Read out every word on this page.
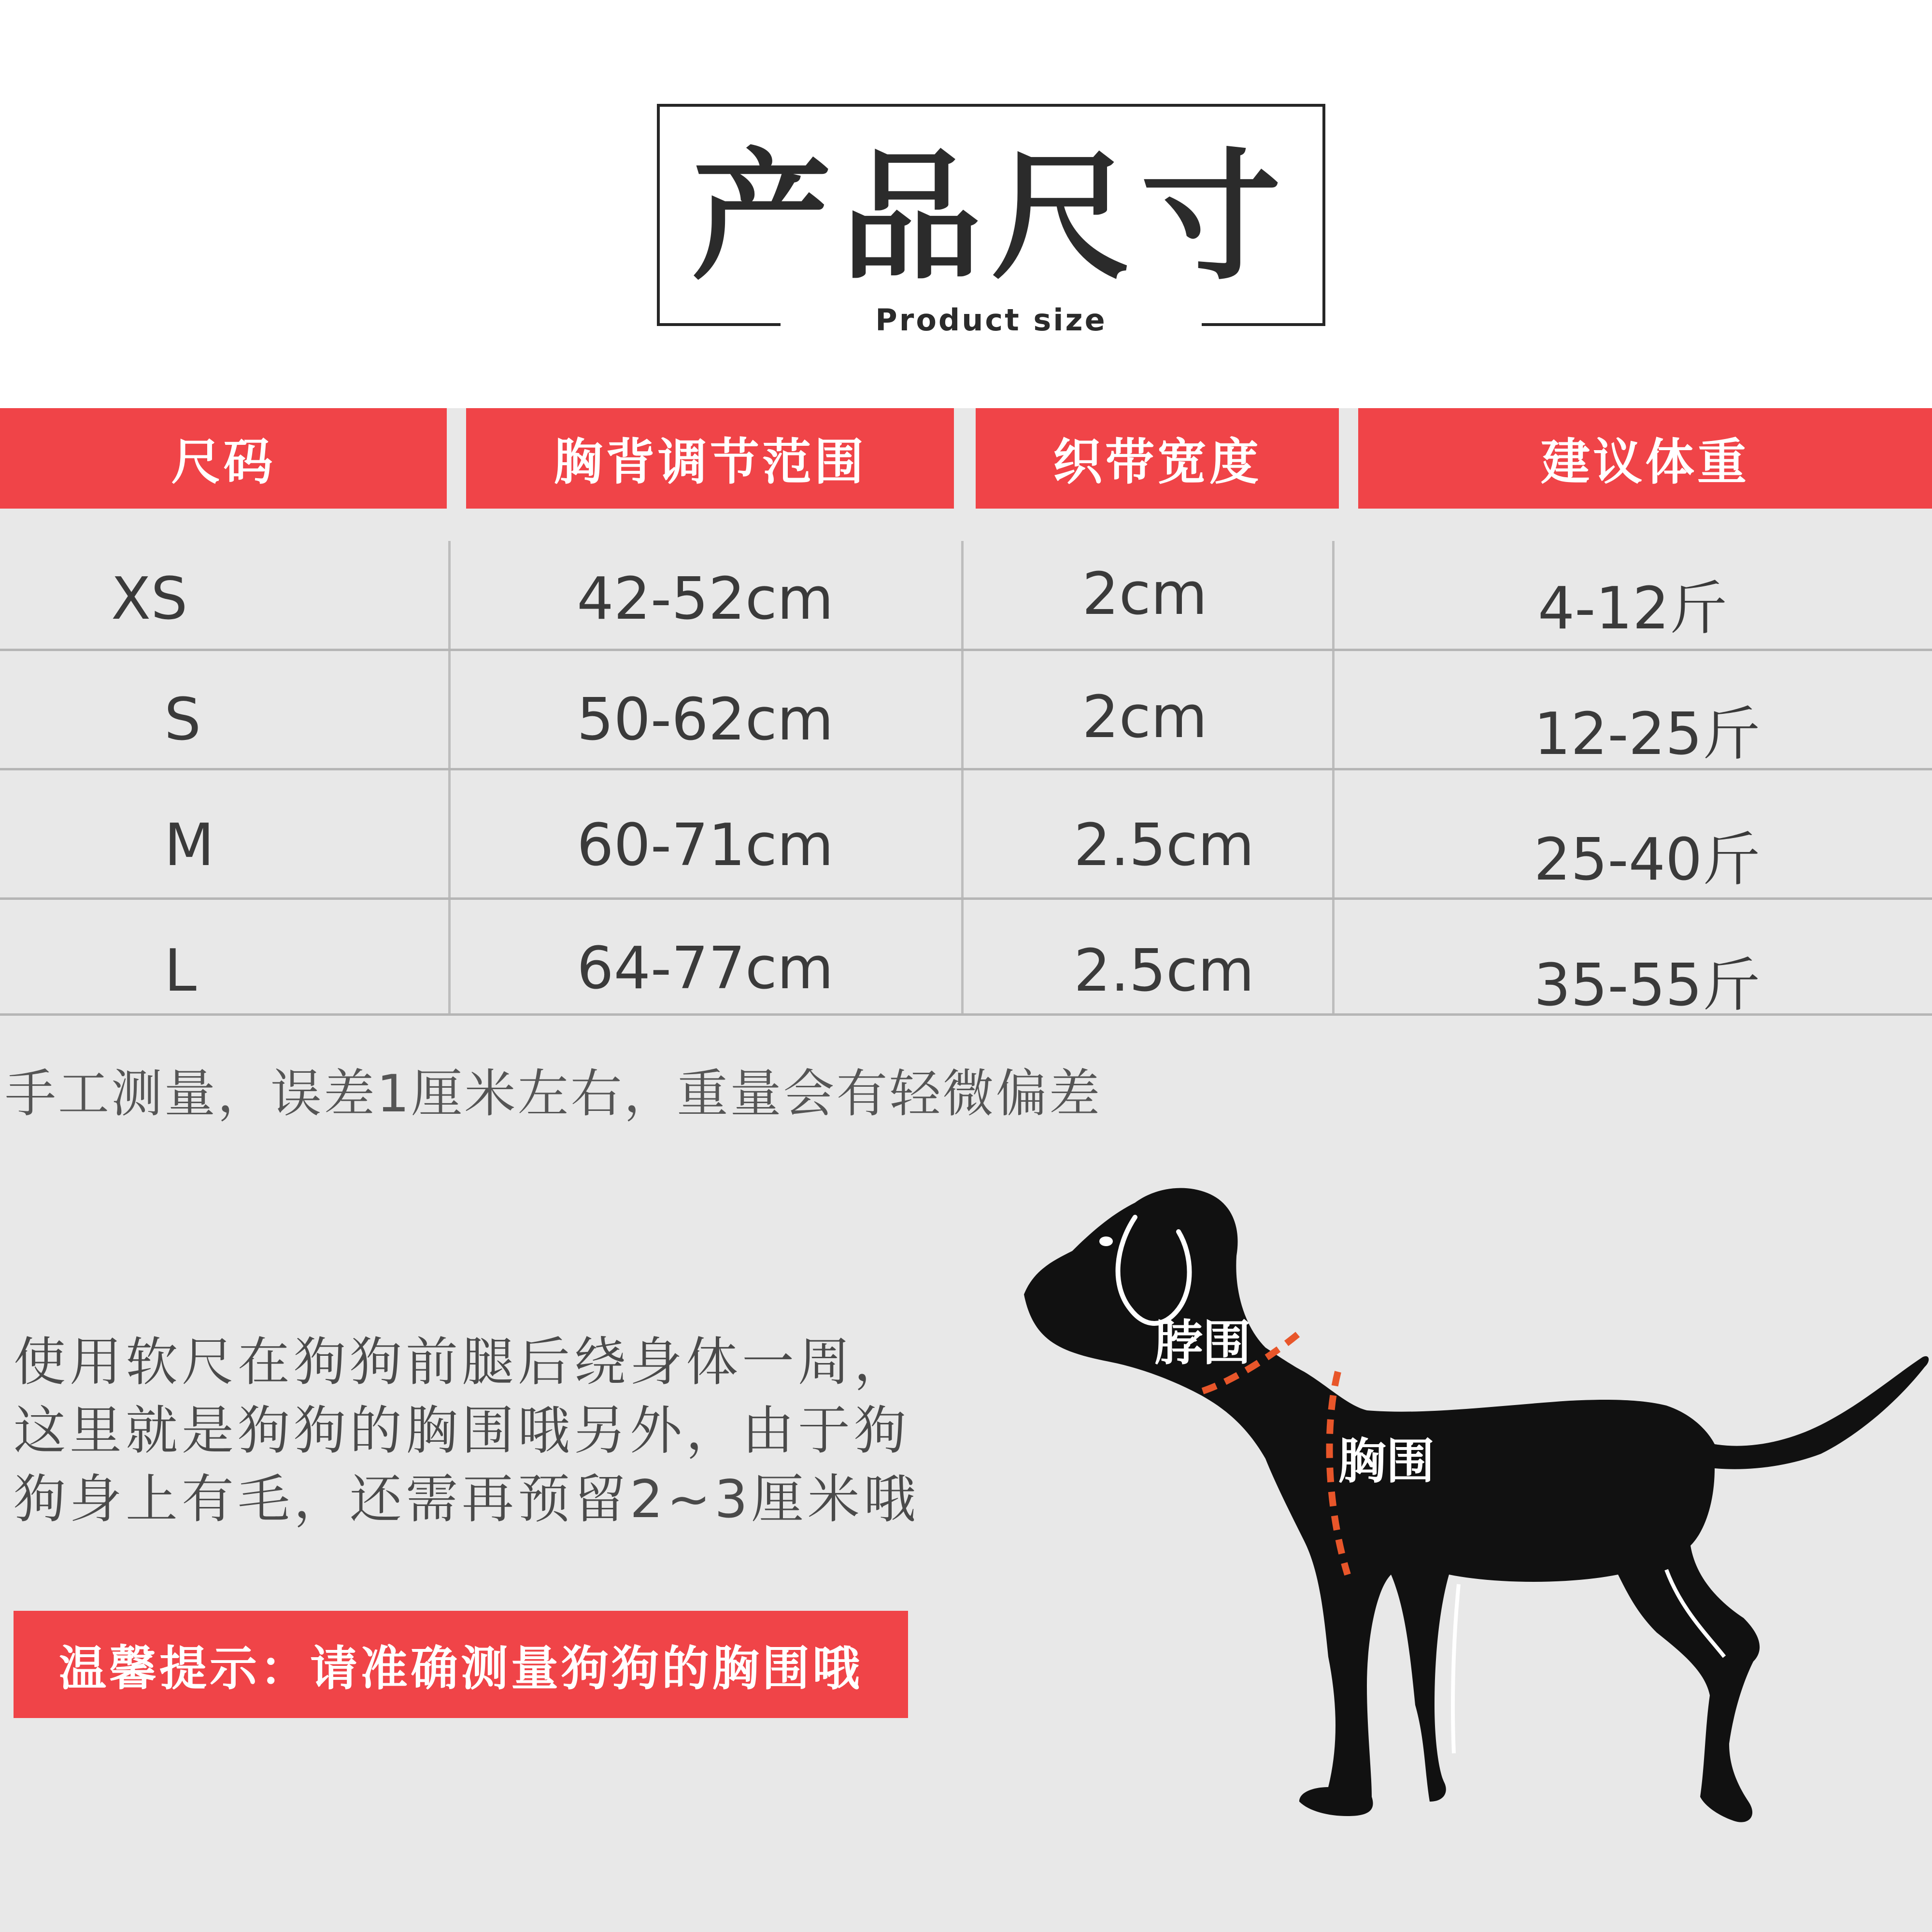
产品尺寸
Product size
尺码	胸背调节范围	织带宽度	建议体重
XS	42-52cm	2cm	4-12斤
S	50-62cm	2cm	12-25斤
M	60-71cm	2.5cm	25-40斤
L	64-77cm	2.5cm	35-55斤
手工测量，误差1厘米左右，重量会有轻微偏差
使用软尺在狗狗前腿后绕身体一周，
这里就是狗狗的胸围哦另外，由于狗
狗身上有毛，还需再预留2~3厘米哦
温馨提示：请准确测量狗狗的胸围哦
脖围
胸围
